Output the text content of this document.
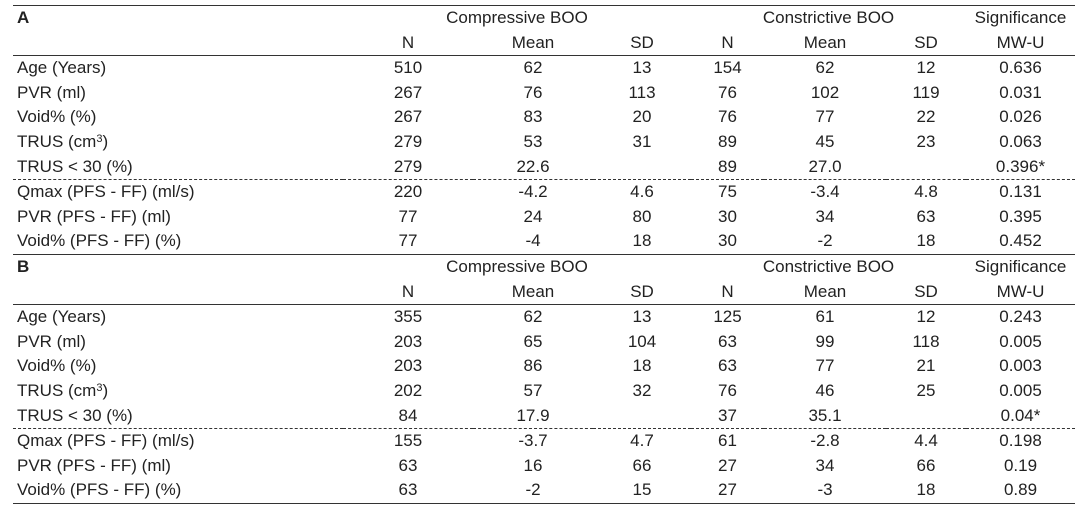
A	Compressive BOO			Constrictive BOO			Significance
	N	Mean	SD	N	Mean	SD	MW-U
Age (Years)	510	62	13	154	62	12	0.636
PVR (ml)	267	76	113	76	102	119	0.031
Void% (%)	267	83	20	76	77	22	0.026
TRUS $(cm^3)$	279	53	31	89	45	23	0.063
TRUS < 30 (%)	279	22.6		89	27.0		0.396*
Qmax (PFS - FF) (ml/s)	220	-4.2	4.6	75	-3.4	4.8	0.131
PVR (PFS - FF) (ml)	77	24	80	30	34	63	0.395
Void% (PFS - FF) (%)	77	-4	18	30	-2	18	0.452
B	Compressive BOO			Constrictive BOO			Significance
	N	Mean	SD	N	Mean	SD	MW-U
Age (Years)	355	62	13	125	61	12	0.243
PVR (ml)	203	65	104	63	99	118	0.005
Void% (%)	203	86	18	63	77	21	0.003
TRUS $(cm^3)$	202	57	32	76	46	25	0.005
TRUS < 30 (%)	84	17.9		37	35.1		0.04*
Qmax (PFS - FF) (ml/s)	155	-3.7	4.7	61	-2.8	4.4	0.198
PVR (PFS - FF) (ml)	63	16	66	27	34	66	0.19
Void% (PFS - FF) (%)	63	-2	15	27	-3	18	0.89
